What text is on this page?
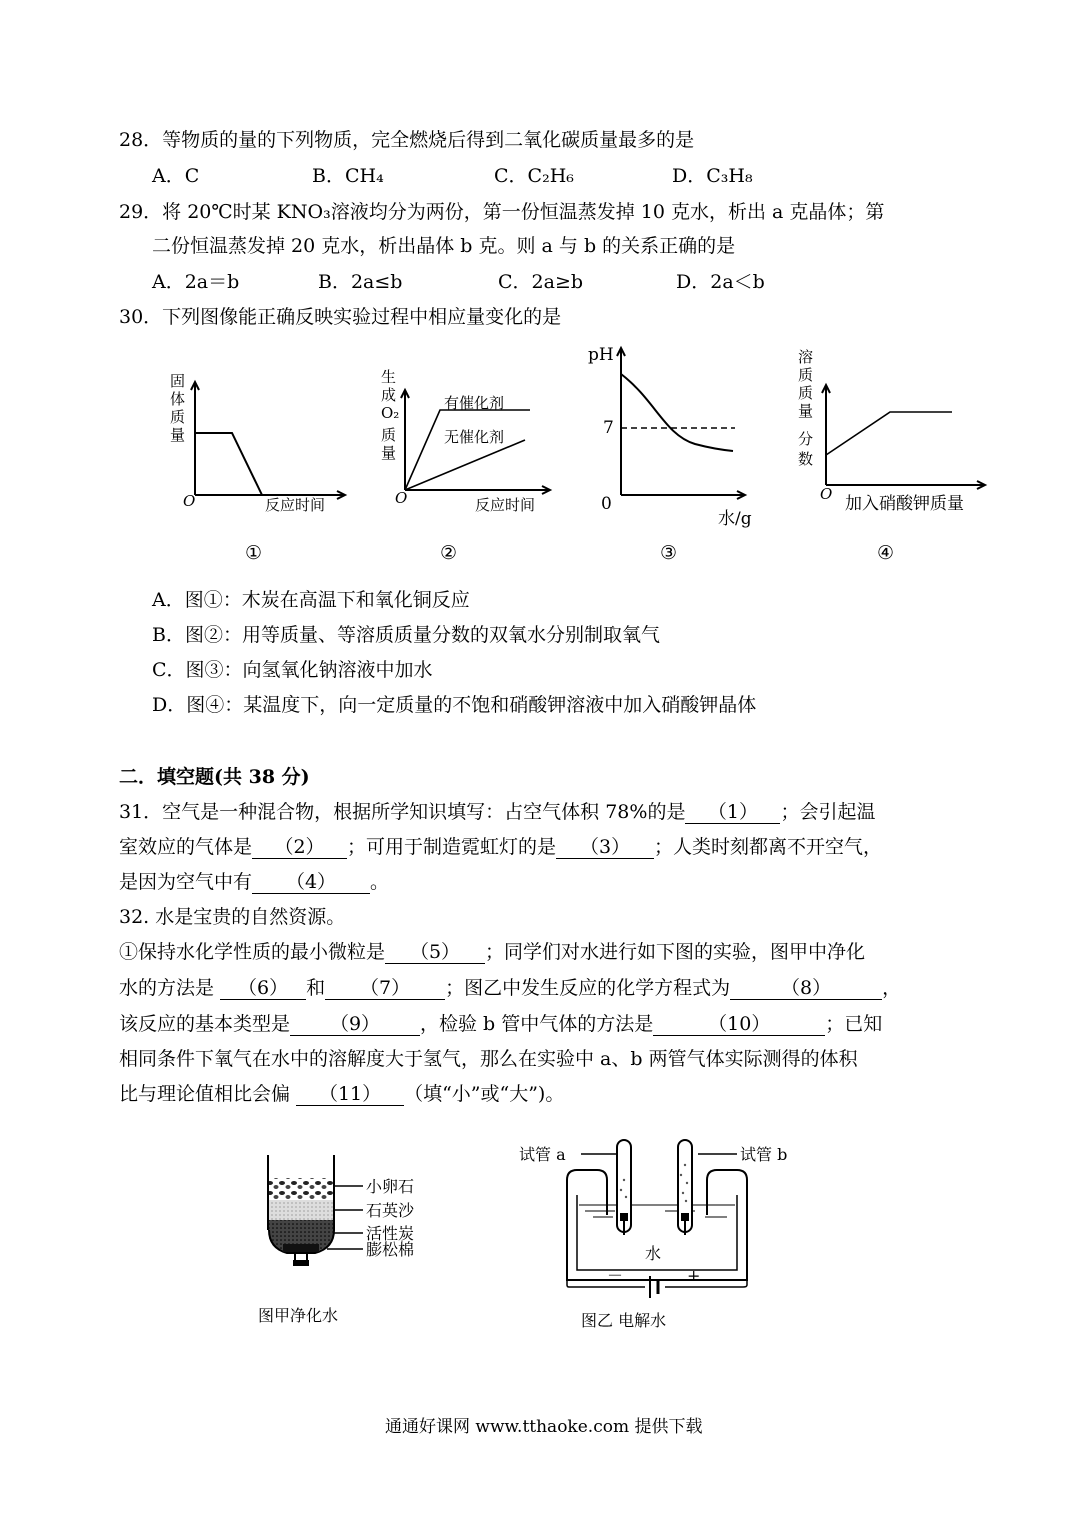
28．等物质的量的下列物质，完全燃烧后得到二氧化碳质量最多的是
A．C	B．CH₄	C．C₂H₆	D．C₃H₈
29．将 20℃时某 KNO₃溶液均分为两份，第一份恒温蒸发掉 10 克水，析出 a 克晶体；第
二份恒温蒸发掉 20 克水，析出晶体 b 克。则 a 与 b 的关系正确的是
A．2a＝b	B．2a≤b	C．2a≥b	D．2a＜b
30．下列图像能正确反映实验过程中相应量变化的是
固
体
质
量
O	反应时间
①
生
成
O₂
质
量
有催化剂
无催化剂
O	反应时间
②
pH
7
0
水/g
③
溶
质
质
量
分
数
O 加入硝酸钾质量
④
A．图①：木炭在高温下和氧化铜反应
B．图②：用等质量、等溶质质量分数的双氧水分别制取氧气
C．图③：向氢氧化钠溶液中加水
D．图④：某温度下，向一定质量的不饱和硝酸钾溶液中加入硝酸钾晶体
二．填空题(共 38 分)
31．空气是一种混合物，根据所学知识填写：占空气体积 78%的是 （1） ；会引起温
室效应的气体是 （2） ；可用于制造霓虹灯的是 （3） ；人类时刻都离不开空气，
是因为空气中有 （4） 。
32. 水是宝贵的自然资源。
①保持水化学性质的最小微粒是 （5） ；同学们对水进行如下图的实验，图甲中净化
水的方法是 （6） 和 （7） ；图乙中发生反应的化学方程式为	（8）	，
该反应的基本类型是 （9） ，检验 b 管中气体的方法是	（10）	；已知
相同条件下氧气在水中的溶解度大于氢气，那么在实验中 a、b 两管气体实际测得的体积
比与理论值相比会偏 （11） （填“小”或“大”)。
小卵石
石英沙
活性炭
膨松棉
图甲净化水
试管 a	试管 b
水
－	+
图乙 电解水
通通好课网 www.tthaoke.com 提供下载
